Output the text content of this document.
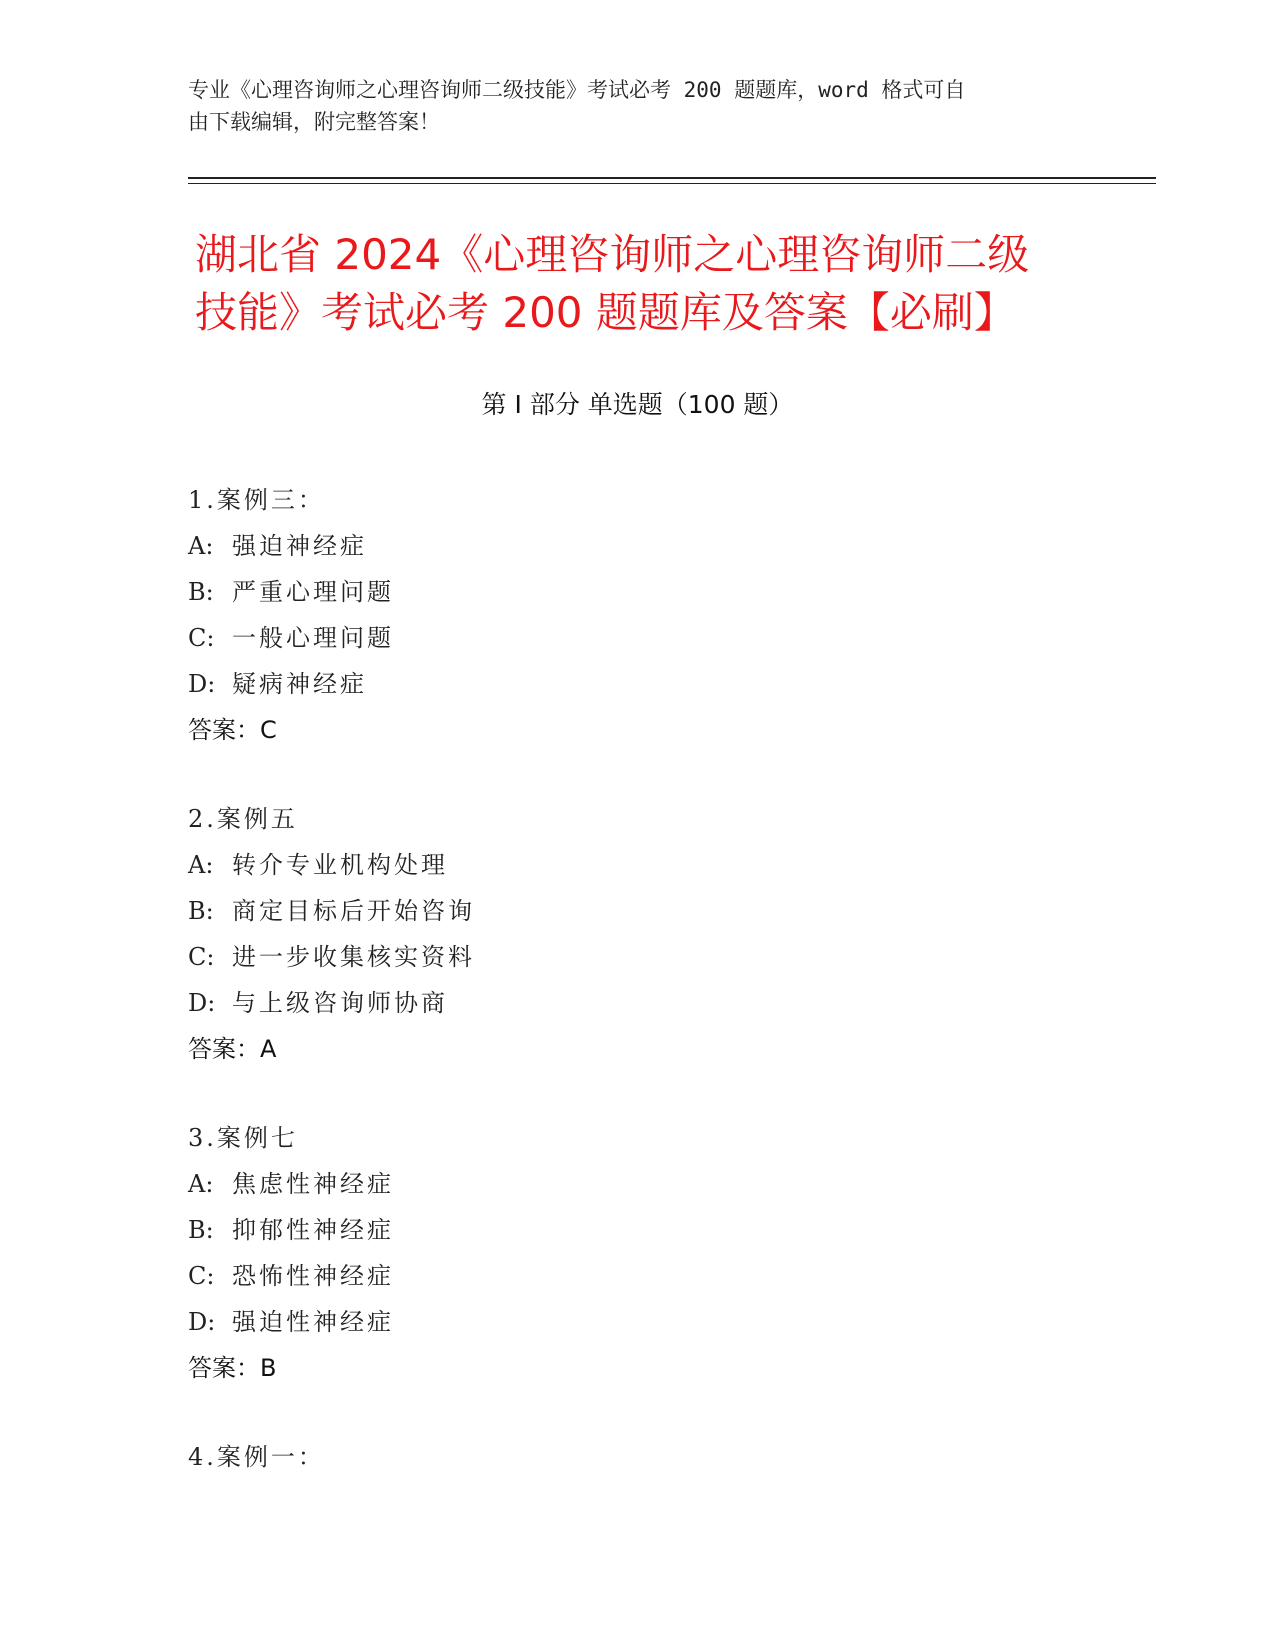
专业《心理咨询师之心理咨询师二级技能》考试必考 200 题题库，word 格式可自
由下载编辑，附完整答案！
湖北省 2024《心理咨询师之心理咨询师二级
技能》考试必考 200 题题库及答案【必刷】
第 I 部分 单选题（100 题）
1.案例三：
A: 强迫神经症
B: 严重心理问题
C: 一般心理问题
D: 疑病神经症
答案：C
2.案例五
A: 转介专业机构处理
B: 商定目标后开始咨询
C: 进一步收集核实资料
D: 与上级咨询师协商
答案：A
3.案例七
A: 焦虑性神经症
B: 抑郁性神经症
C: 恐怖性神经症
D: 强迫性神经症
答案：B
4.案例一：
